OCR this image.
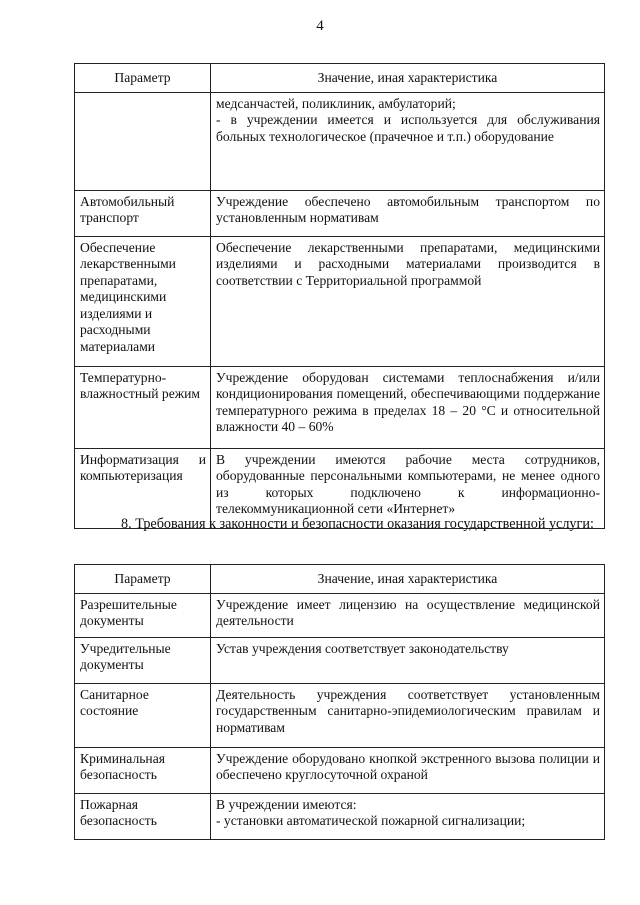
4
Параметр	Значение, иная характеристика

	медсанчастей, поликлиник, амбулаторий;
- в учреждении имеется и используется для обслуживания больных технологическое (прачечное и т.п.) оборудование

Автомобильный транспорт	Учреждение обеспечено автомобильным транспортом по установленным нормативам
Обеспечение лекарственными препаратами, медицинскими изделиями и расходными материалами	Обеспечение лекарственными препаратами, медицинскими изделиями и расходными материалами производится в соответствии с Территориальной программой
Температурно-влажностный режим	Учреждение оборудован системами теплоснабжения и/или кондиционирования помещений, обеспечивающими поддержание температурного режима в пределах 18 – 20 °C и относительной влажности 40 – 60%
Информатизация и компьютеризация	В учреждении имеются рабочие места сотрудников, оборудованные персональными компьютерами, не менее одного из которых подключено к информационно-телекоммуникационной сети «Интернет»
8. Требования к законности и безопасности оказания государственной услуги:
Параметр	Значение, иная характеристика
Разрешительные документы	Учреждение имеет лицензию на осуществление медицинской деятельности
Учредительные документы	Устав учреждения соответствует законодательству
Санитарное состояние	Деятельность учреждения соответствует установленным государственным санитарно-эпидемиологическим правилам и нормативам
Криминальная безопасность	Учреждение оборудовано кнопкой экстренного вызова полиции и обеспечено круглосуточной охраной
Пожарная безопасность	В учреждении имеются:
- установки автоматической пожарной сигнализации;
